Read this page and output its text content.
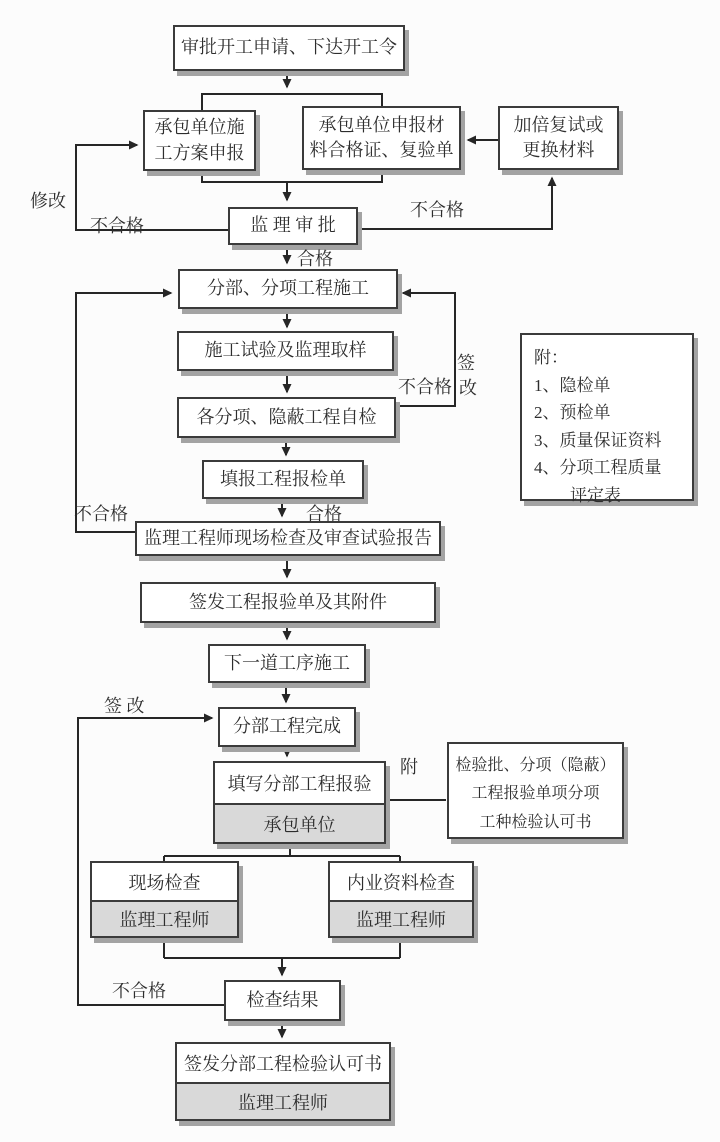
审批开工申请、下达开工令
承包单位施
工方案申报
承包单位申报材
料合格证、复验单
加倍复试或
更换材料
监 理 审 批
分部、分项工程施工
施工试验及监理取样
各分项、隐蔽工程自检
填报工程报检单
监理工程师现场检查及审查试验报告
签发工程报验单及其附件
下一道工序施工
分部工程完成
填写分部工程报验
承包单位
现场检查
监理工程师
内业资料检查
监理工程师
检查结果
签发分部工程检验认可书
监理工程师
附：
1、隐检单
2、预检单
3、质量保证资料
4、分项工程质量
评定表
检验批、分项（隐蔽）
工程报验单项分项
工种检验认可书
修改
不合格
不合格
合格
不合格
签
改
不合格	合格
签 改
附
不合格
